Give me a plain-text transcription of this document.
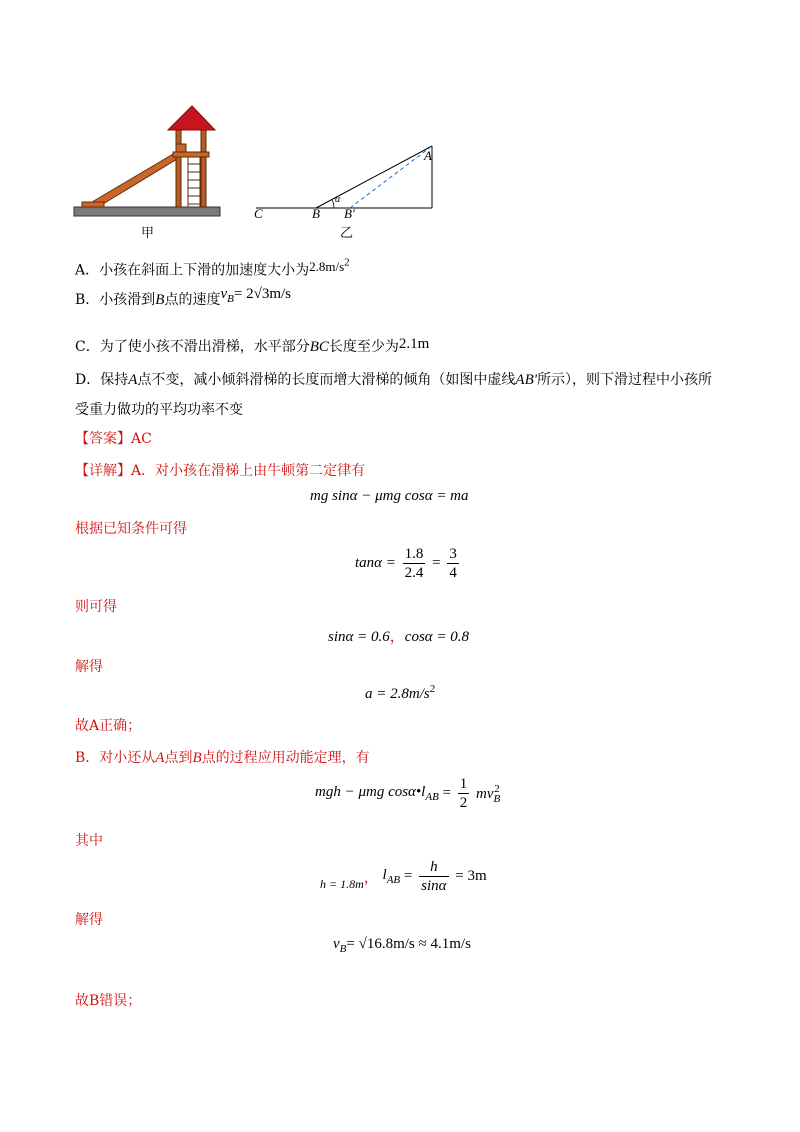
甲
A
C	B B′
α
乙
A．小孩在斜面上下滑的加速度大小为$2.8m/s^2$
B．小孩滑到B点的速度$v_B= 2√3m/s$
C．为了使小孩不滑出滑梯，水平部分BC长度至少为2.1m
D．保持A点不变，减小倾斜滑梯的长度而增大滑梯的倾角（如图中虚线AB'所示），则下滑过程中小孩所
受重力做功的平均功率不变
【答案】AC
【详解】A．对小孩在滑梯上由牛顿第二定律有
mg sinα − μmg cosα = ma
根据已知条件可得
$\tan\alpha = \frac{1.8}{2.4} = \frac{3}{4}$
则可得
sinα = 0.6，cosα = 0.8
解得
$a = 2.8m/s^2$
故A正确；
B．对小还从A点到B点的过程应用动能定理，有
mgh − μmg $\cos\alpha•l_{AB} = \frac{1}{2} mv_B^2$
其中
$_{h = 1.8m}$， $l_{AB} = \frac{h}{\sin\alpha} = 3m$
解得
$v_B= √16.8m/s \approx 4.1m/s$
故B错误；
